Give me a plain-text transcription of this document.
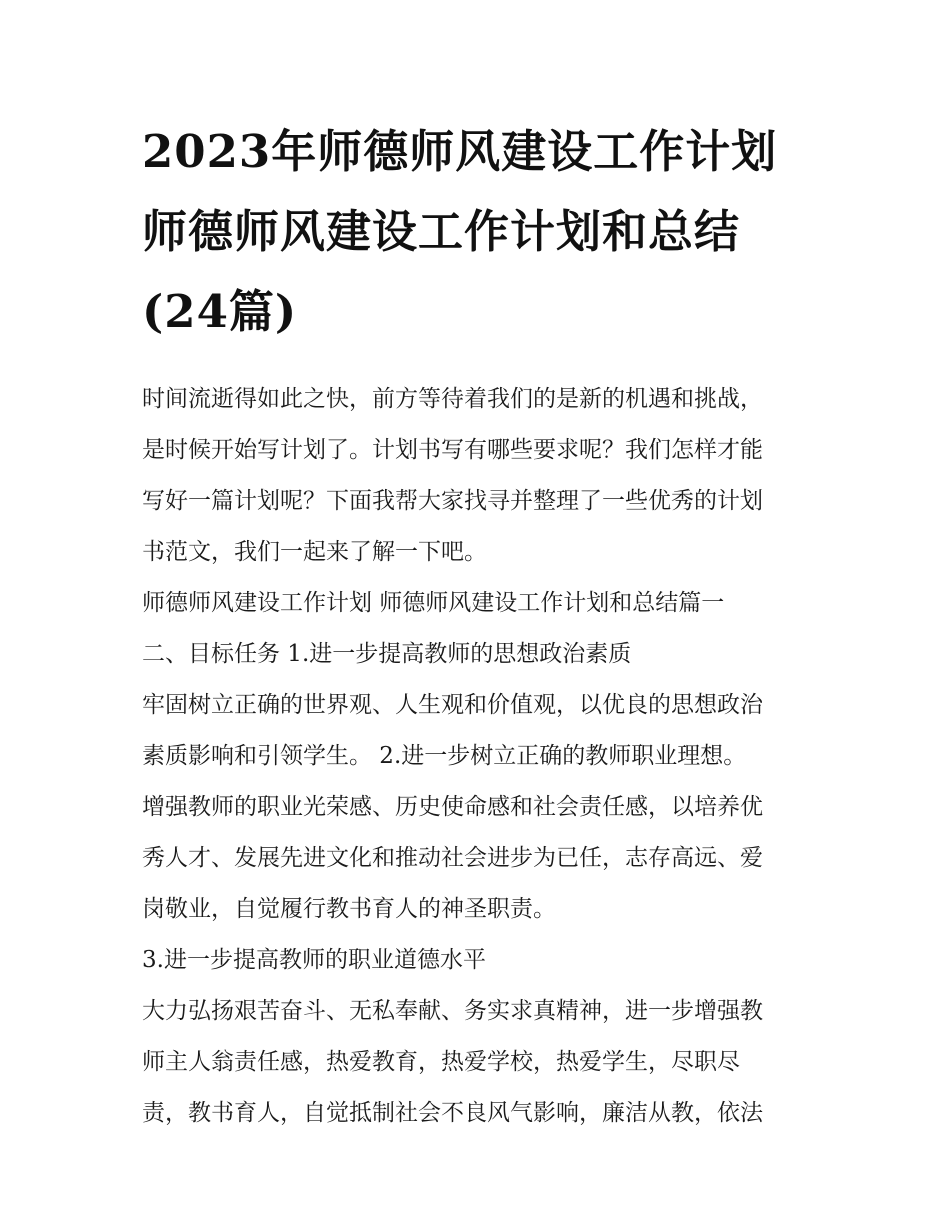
2023年师德师风建设工作计划
师德师风建设工作计划和总结
(24篇)
时间流逝得如此之快，前方等待着我们的是新的机遇和挑战，
是时候开始写计划了。计划书写有哪些要求呢？我们怎样才能
写好一篇计划呢？下面我帮大家找寻并整理了一些优秀的计划
书范文，我们一起来了解一下吧。
师德师风建设工作计划 师德师风建设工作计划和总结篇一
二、目标任务 1.进一步提高教师的思想政治素质
牢固树立正确的世界观、人生观和价值观，以优良的思想政治
素质影响和引领学生。 2.进一步树立正确的教师职业理想。
增强教师的职业光荣感、历史使命感和社会责任感，以培养优
秀人才、发展先进文化和推动社会进步为已任，志存高远、爱
岗敬业，自觉履行教书育人的神圣职责。
3.进一步提高教师的职业道德水平
大力弘扬艰苦奋斗、无私奉献、务实求真精神，进一步增强教
师主人翁责任感，热爱教育，热爱学校，热爱学生，尽职尽
责，教书育人，自觉抵制社会不良风气影响，廉洁从教，依法
